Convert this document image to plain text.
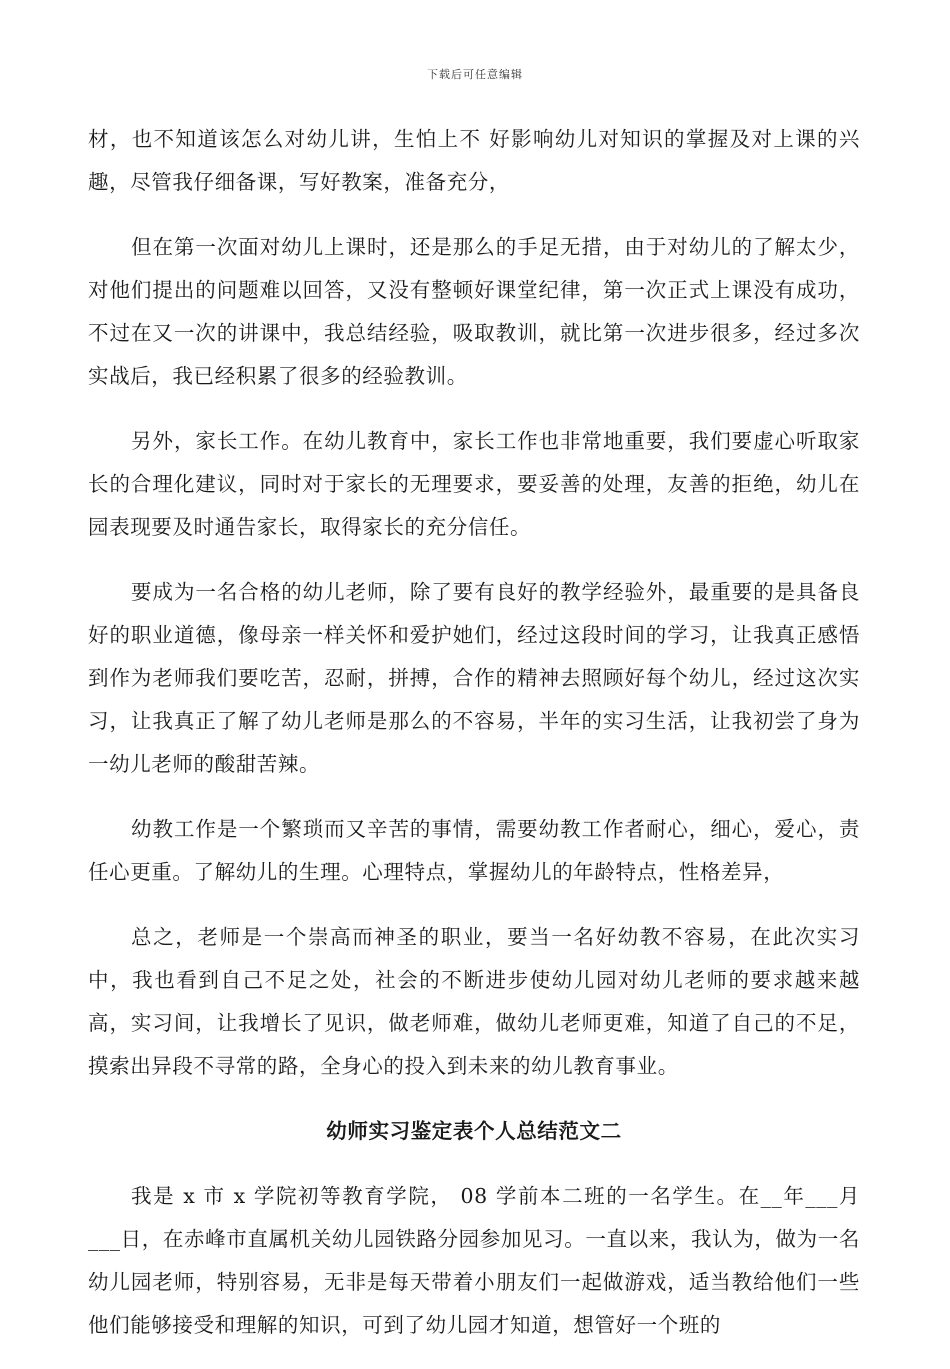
下载后可任意编辑

材，也不知道该怎么对幼儿讲，生怕上不 好影响幼儿对知识的掌握及对上课的兴趣，尽管我仔细备课，写好教案，准备充分，

但在第一次面对幼儿上课时，还是那么的手足无措，由于对幼儿的了解太少，对他们提出的问题难以回答，又没有整顿好课堂纪律，第一次正式上课没有成功，不过在又一次的讲课中，我总结经验，吸取教训，就比第一次进步很多，经过多次实战后，我已经积累了很多的经验教训。

另外，家长工作。在幼儿教育中，家长工作也非常地重要，我们要虚心听取家长的合理化建议，同时对于家长的无理要求，要妥善的处理，友善的拒绝，幼儿在园表现要及时通告家长，取得家长的充分信任。

要成为一名合格的幼儿老师，除了要有良好的教学经验外，最重要的是具备良好的职业道德，像母亲一样关怀和爱护她们，经过这段时间的学习，让我真正感悟到作为老师我们要吃苦，忍耐，拼搏，合作的精神去照顾好每个幼儿，经过这次实习，让我真正了解了幼儿老师是那么的不容易，半年的实习生活，让我初尝了身为一幼儿老师的酸甜苦辣。

幼教工作是一个繁琐而又辛苦的事情，需要幼教工作者耐心，细心，爱心，责任心更重。了解幼儿的生理。心理特点，掌握幼儿的年龄特点，性格差异，

总之，老师是一个崇高而神圣的职业，要当一名好幼教不容易，在此次实习中，我也看到自己不足之处，社会的不断进步使幼儿园对幼儿老师的要求越来越高，实习间，让我增长了见识，做老师难，做幼儿老师更难，知道了自己的不足，摸索出异段不寻常的路，全身心的投入到未来的幼儿教育事业。

幼师实习鉴定表个人总结范文二

我是 x 市 x 学院初等教育学院， 08 学前本二班的一名学生。在__年___月___日，在赤峰市直属机关幼儿园铁路分园参加见习。一直以来，我认为，做为一名幼儿园老师，特别容易，无非是每天带着小朋友们一起做游戏，适当教给他们一些他们能够接受和理解的知识，可到了幼儿园才知道，想管好一个班的
